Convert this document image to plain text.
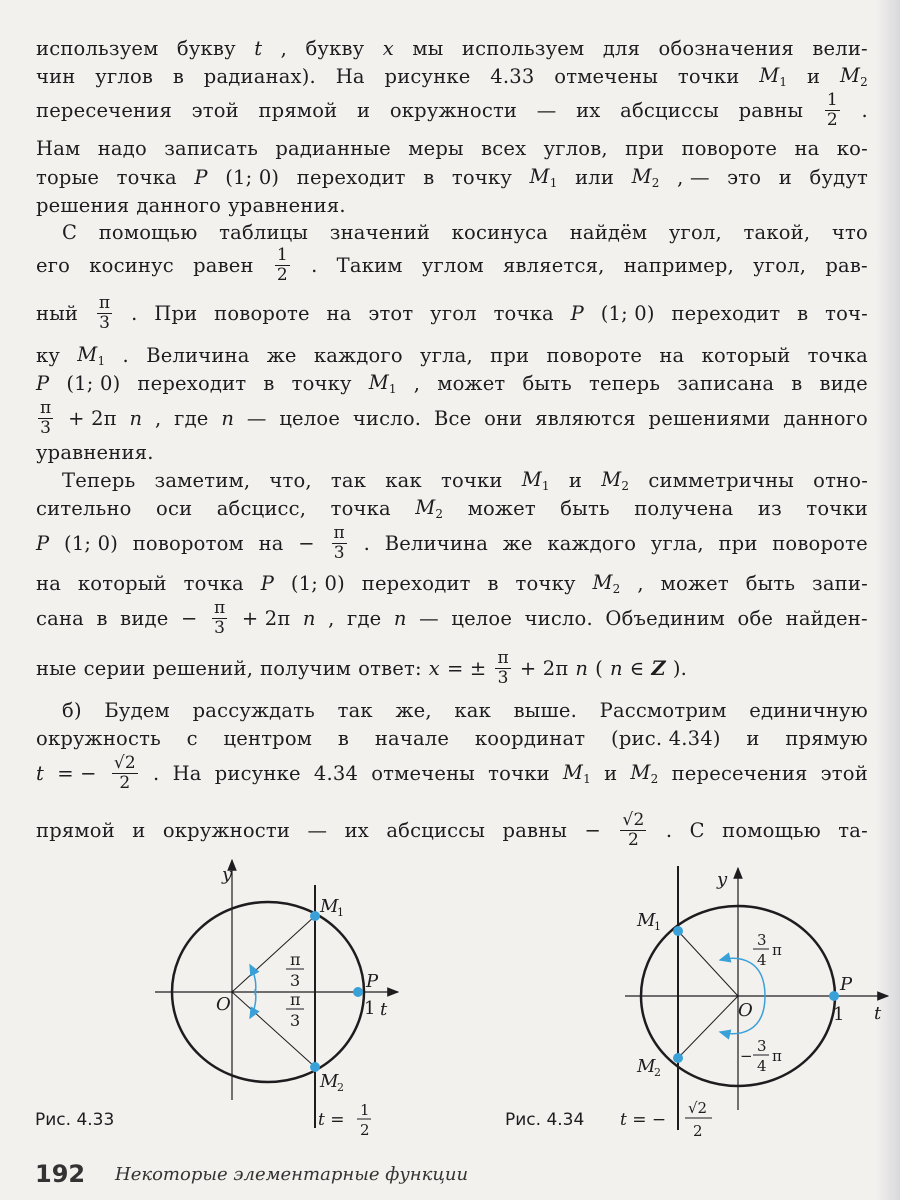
используем букву t , букву x мы используем для обозначения вели-
чин углов в радианах). На рисунке 4.33 отмечены точки $M_1$ и $M_2$
пересечения этой прямой и окружности — их абсциссы равны $\frac{1}{2}$ .
Нам надо записать радианные меры всех углов, при повороте на ко-
торые точка P (1; 0) переходит в точку $M_1$ или $M_2$ , — это и будут
решения данного уравнения.
С помощью таблицы значений косинуса найдём угол, такой, что
его косинус равен $\frac{1}{2}$ . Таким углом является, например, угол, рав-
ный $\frac{\pi}{3}$ . При повороте на этот угол точка P (1; 0) переходит в точ-
ку $M_1$ . Величина же каждого угла, при повороте на который точка
P (1; 0) переходит в точку $M_1$ , может быть теперь записана в виде
$\frac{\pi}{3} + 2\pi$ n , где n — целое число. Все они являются решениями данного
уравнения.
Теперь заметим, что, так как точки $M_1$ и $M_2$ симметричны отно-
сительно оси абсцисс, точка $M_2$ может быть получена из точки
P (1; 0) поворотом на − $\frac{\pi}{3}$ . Величина же каждого угла, при повороте
на который точка P (1; 0) переходит в точку $M_2$ , может быть запи-
сана в виде − $\frac{\pi}{3} + 2\pi$ n , где n — целое число. Объединим обе найден-
ные серии решений, получим ответ: x = ± $\frac{\pi}{3} + 2\pi$ n ( n ∈ Z ).
б) Будем рассуждать так же, как выше. Рассмотрим единичную
окружность с центром в начале координат (рис. 4.34) и прямую
t = − $\frac{√2}{2}$ . На рисунке 4.34 отмечены точки $M_1$ и $M_2$ пересечения этой
прямой и окружности — их абсциссы равны − $\frac{√2}{2}$ . С помощью та-
y
t
O	1
P
M
1
M
2
π
3
π
3
t = 1
2
y
t
O	1
P
M
1
M
2
3
4
π
−
3
4
π
t = −
√2
2
Рис. 4.33	Рис. 4.34
192 Некоторые элементарные функции
